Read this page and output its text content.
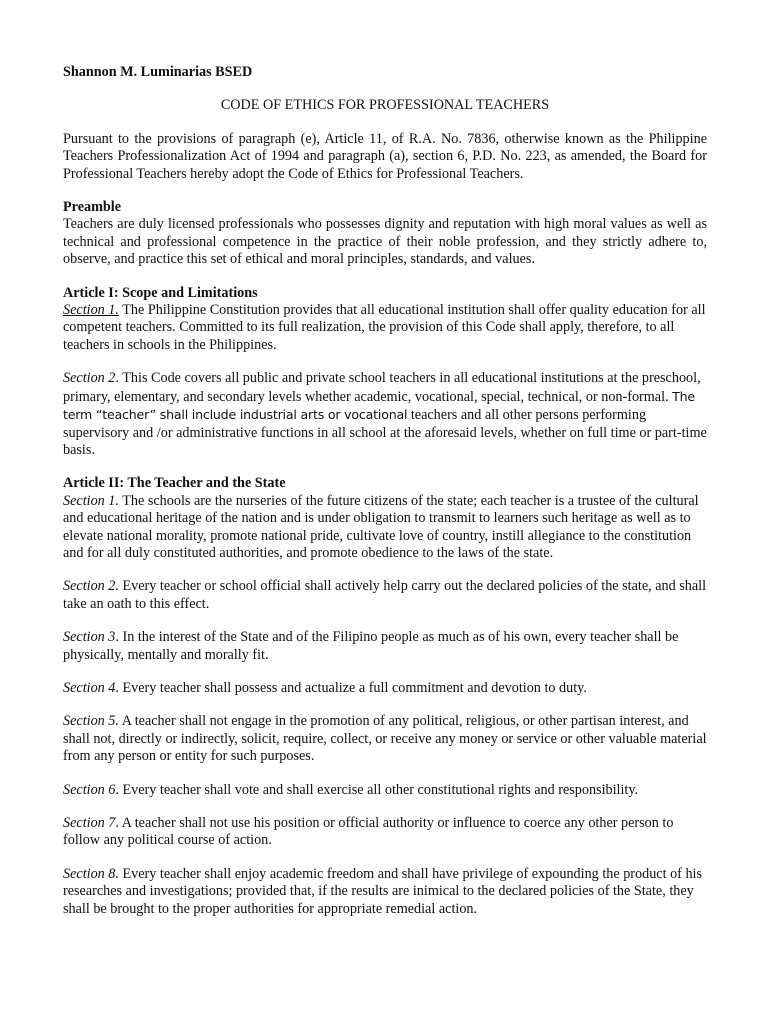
Shannon M. Luminarias BSED

CODE OF ETHICS FOR PROFESSIONAL TEACHERS

Pursuant to the provisions of paragraph (e), Article 11, of R.A. No. 7836, otherwise known as the Philippine Teachers Professionalization Act of 1994 and paragraph (a), section 6, P.D. No. 223, as amended, the Board for Professional Teachers hereby adopt the Code of Ethics for Professional Teachers.

Preamble

Teachers are duly licensed professionals who possesses dignity and reputation with high moral values as well as technical and professional competence in the practice of their noble profession, and they strictly adhere to, observe, and practice this set of ethical and moral principles, standards, and values.

Article I: Scope and Limitations

Section 1. The Philippine Constitution provides that all educational institution shall offer quality education for all competent teachers. Committed to its full realization, the provision of this Code shall apply, therefore, to all teachers in schools in the Philippines.

Section 2. This Code covers all public and private school teachers in all educational institutions at the preschool, primary, elementary, and secondary levels whether academic, vocational, special, technical, or non-formal. The term “teacher” shall include industrial arts or vocational teachers and all other persons performing supervisory and /or administrative functions in all school at the aforesaid levels, whether on full time or part-time basis.

Article II: The Teacher and the State

Section 1. The schools are the nurseries of the future citizens of the state; each teacher is a trustee of the cultural and educational heritage of the nation and is under obligation to transmit to learners such heritage as well as to elevate national morality, promote national pride, cultivate love of country, instill allegiance to the constitution and for all duly constituted authorities, and promote obedience to the laws of the state.

Section 2. Every teacher or school official shall actively help carry out the declared policies of the state, and shall take an oath to this effect.

Section 3. In the interest of the State and of the Filipino people as much as of his own, every teacher shall be physically, mentally and morally fit.

Section 4. Every teacher shall possess and actualize a full commitment and devotion to duty.

Section 5. A teacher shall not engage in the promotion of any political, religious, or other partisan interest, and shall not, directly or indirectly, solicit, require, collect, or receive any money or service or other valuable material from any person or entity for such purposes.

Section 6. Every teacher shall vote and shall exercise all other constitutional rights and responsibility.

Section 7. A teacher shall not use his position or official authority or influence to coerce any other person to follow any political course of action.

Section 8. Every teacher shall enjoy academic freedom and shall have privilege of expounding the product of his researches and investigations; provided that, if the results are inimical to the declared policies of the State, they shall be brought to the proper authorities for appropriate remedial action.
